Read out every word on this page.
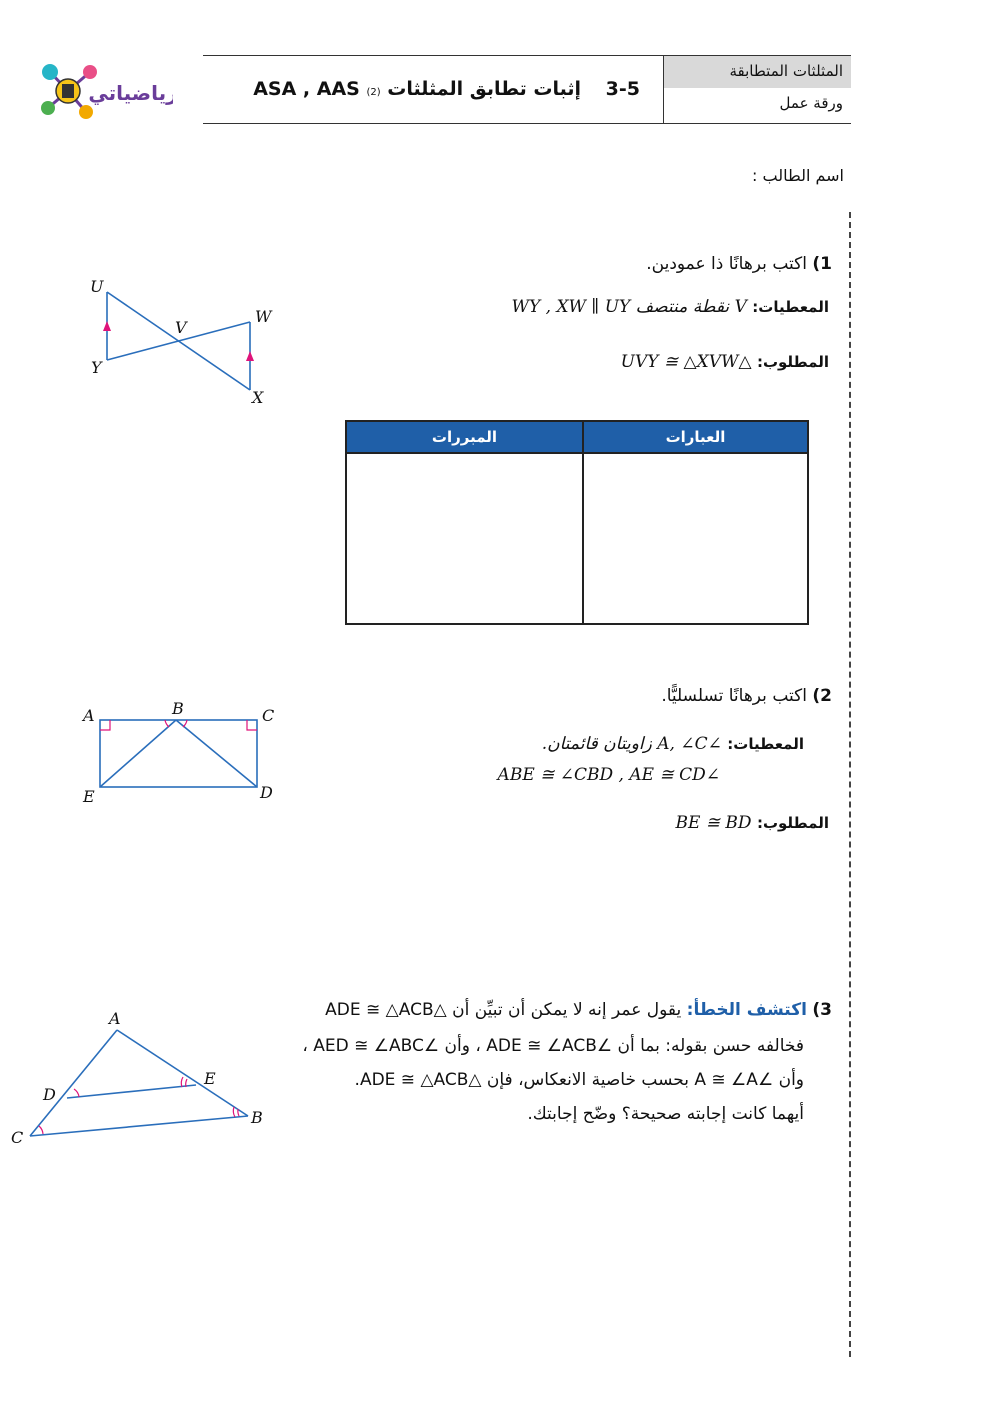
رياضياتي	3-5 إثبات تطابق المثلثات ASA , AAS (2)
المثلثات المتطابقة
ورقة عمل
اسم الطالب :
1) اكتب برهانًا ذا عمودين.
المعطيات: V نقطة منتصف WY , XW ∥ UY
المطلوب: △UVY ≅ △XVW
المبررات	العبارات
U
V
W
Y
X
2) اكتب برهانًا تسلسليًّا.
المعطيات: ∠A, ∠C زاويتان قائمتان.
∠ABE ≅ ∠CBD , AE ≅ CD
المطلوب: BE ≅ BD
A	B	C
E	D
3) اكتشف الخطأ: يقول عمر إنه لا يمكن أن تبيِّن أن △ADE ≅ △ACB
فخالفه حسن بقوله: بما أن ∠ADE ≅ ∠ACB ، وأن ∠AED ≅ ∠ABC ،
وأن ∠A ≅ ∠A بحسب خاصية الانعكاس، فإن △ADE ≅ △ACB.
أيهما كانت إجابته صحيحة؟ وضّح إجابتك.
A
D
E
C
B
